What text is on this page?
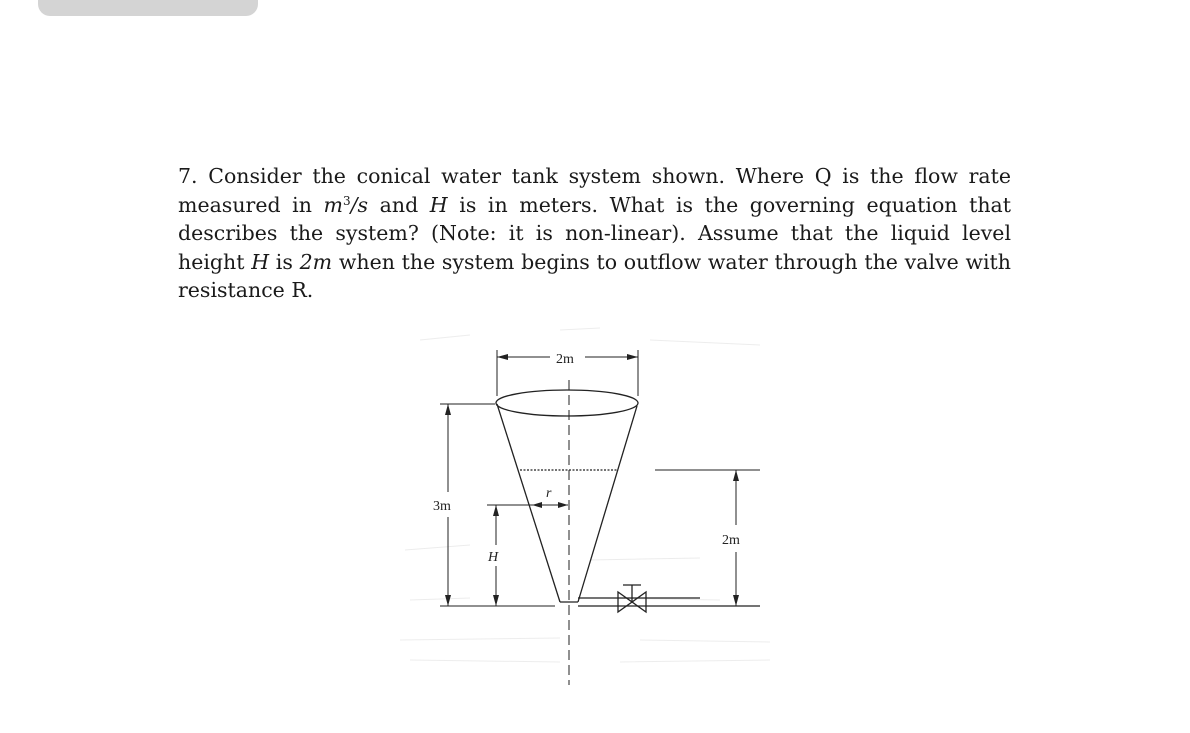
7. Consider the conical water tank system shown. Where Q is the flow rate measured in $m^3/s$ and H is in meters. What is the governing equation that describes the system? (Note: it is non-linear). Assume that the liquid level height H is 2m when the system begins to outflow water through the valve with resistance R.

2m
3m
2m
H
r
